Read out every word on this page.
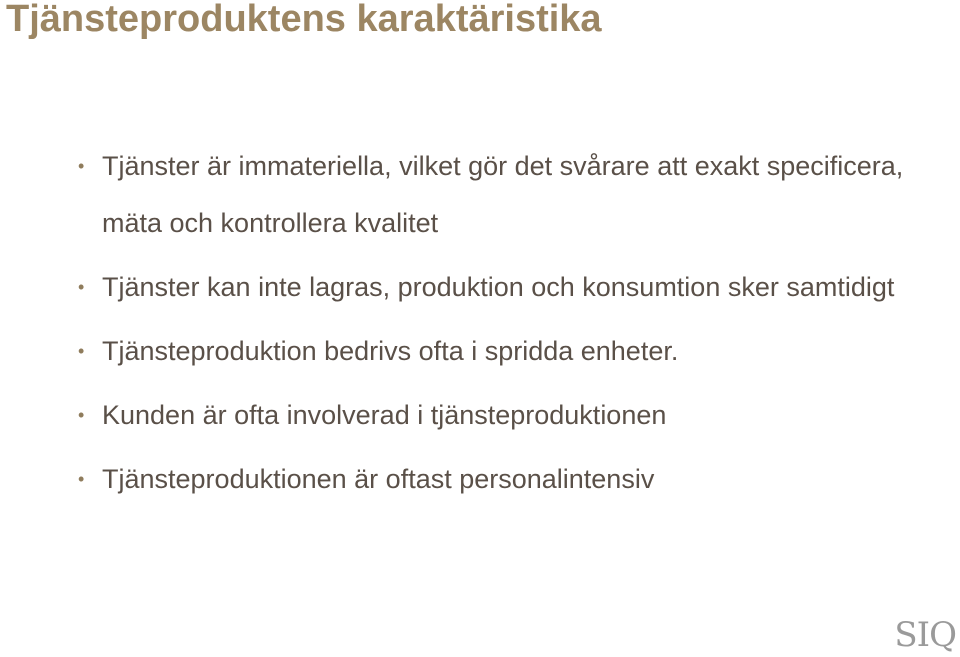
Tjänsteproduktens karaktäristika
• Tjänster är immateriella, vilket gör det svårare att exakt specificera, mäta och kontrollera kvalitet
• Tjänster kan inte lagras, produktion och konsumtion sker samtidigt
• Tjänsteproduktion bedrivs ofta i spridda enheter.
• Kunden är ofta involverad i tjänsteproduktionen
• Tjänsteproduktionen är oftast personalintensiv
SIQ
